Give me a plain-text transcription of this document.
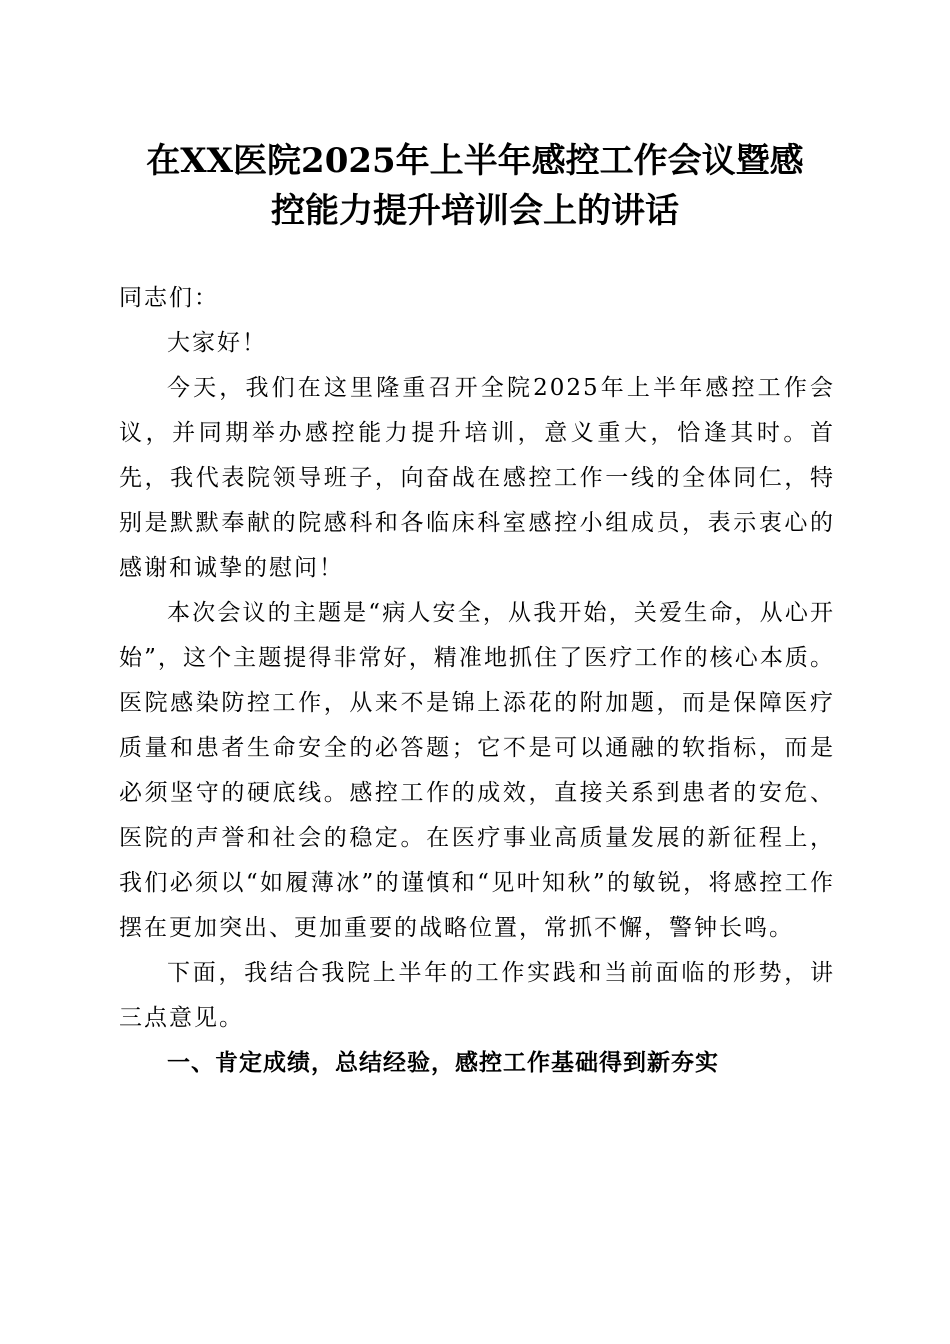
在XX医院2025年上半年感控工作会议暨感
控能力提升培训会上的讲话

同志们：

大家好！

今天，我们在这里隆重召开全院2025年上半年感控工作会议，并同期举办感控能力提升培训，意义重大，恰逢其时。首先，我代表院领导班子，向奋战在感控工作一线的全体同仁，特别是默默奉献的院感科和各临床科室感控小组成员，表示衷心的感谢和诚挚的慰问！

本次会议的主题是“病人安全，从我开始，关爱生命，从心开始”，这个主题提得非常好，精准地抓住了医疗工作的核心本质。医院感染防控工作，从来不是锦上添花的附加题，而是保障医疗质量和患者生命安全的必答题；它不是可以通融的软指标，而是必须坚守的硬底线。感控工作的成效，直接关系到患者的安危、医院的声誉和社会的稳定。在医疗事业高质量发展的新征程上，我们必须以“如履薄冰”的谨慎和“见叶知秋”的敏锐，将感控工作摆在更加突出、更加重要的战略位置，常抓不懈，警钟长鸣。

下面，我结合我院上半年的工作实践和当前面临的形势，讲三点意见。

一、肯定成绩，总结经验，感控工作基础得到新夯实
